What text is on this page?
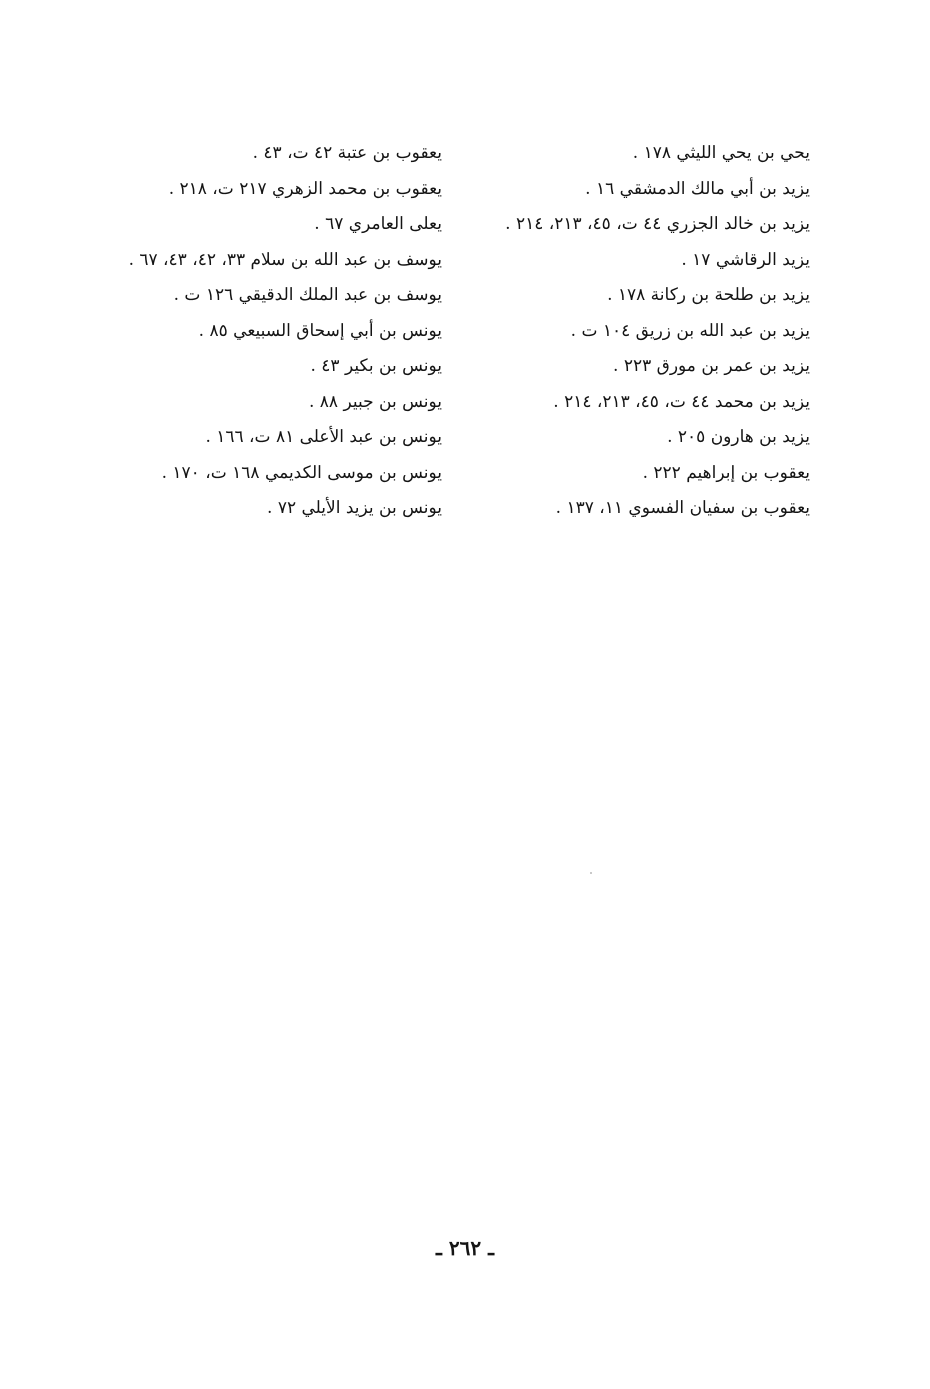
يحي بن يحي الليثي ١٧٨ .
يزيد بن أبي مالك الدمشقي ١٦ .
يزيد بن خالد الجزري ٤٤ ت، ٤٥، ٢١٣، ٢١٤ .
يزيد الرقاشي ١٧ .
يزيد بن طلحة بن ركانة ١٧٨ .
يزيد بن عبد الله بن زريق ١٠٤ ت .
يزيد بن عمر بن مورق ٢٢٣ .
يزيد بن محمد ٤٤ ت، ٤٥، ٢١٣، ٢١٤ .
يزيد بن هارون ٢٠٥ .
يعقوب بن إبراهيم ٢٢٢ .
يعقوب بن سفيان الفسوي ١١، ١٣٧ .
يعقوب بن عتبة ٤٢ ت، ٤٣ .
يعقوب بن محمد الزهري ٢١٧ ت، ٢١٨ .
يعلى العامري ٦٧ .
يوسف بن عبد الله بن سلام ٣٣، ٤٢، ٤٣، ٦٧ .
يوسف بن عبد الملك الدقيقي ١٢٦ ت .
يونس بن أبي إسحاق السبيعي ٨٥ .
يونس بن بكير ٤٣ .
يونس بن جبير ٨٨ .
يونس بن عبد الأعلى ٨١ ت، ١٦٦ .
يونس بن موسى الكديمي ١٦٨ ت، ١٧٠ .
يونس بن يزيد الأيلي ٧٢ .
ـ ٢٦٢ ـ
